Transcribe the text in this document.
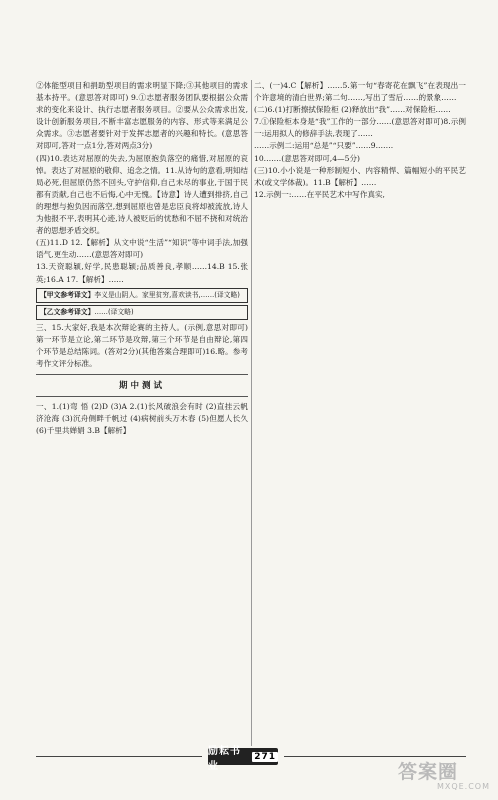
②体能型项目和捐助型项目的需求明显下降;③其他项目的需求基本持平。(意思答对即可) 9.①志愿者服务团队要根据公众需求的变化来设计、执行志愿者服务项目。②要从公众需求出发,设计创新服务项目,不断丰富志愿服务的内容、形式等来满足公众需求。③志愿者要针对于发挥志愿者的兴趣和特长。(意思答对即可,答对一点1分,答对两点3分)

(四)10.表达对屈原的失去,为屈原抱负落空的痛惜,对屈原的哀悼。表达了对屈原的敬仰、追念之情。11.从诗句的意看,明知结局必死,但屈原仍然不回头,守护信仰,自己未尽的事业,于国于民都有贡献,自己也不后悔,心中无愧。【诗意】诗人遭到排挤,自己的理想与抱负因而落空,想到屈原也曾是忠臣良将却被流放,诗人为他报不平,表明其心迹,诗人被贬后的忧愁和不屈不挠和对统治者的思想矛盾交织。

(五)11.D 12.【解析】从文中说“生活”“知识”等中词手法,加强语气,更生动……(意思答对即可)

13.天资聪颖,好学,民患聪颖;品质善良,孝顺……14.B 15.张英;16.A 17.【解析】……

【甲文参考译文】李义是山阴人。家里贫穷,喜欢读书,……(译文略)
【乙文参考译文】……(译文略)

三、15.大家好,我是本次辩论赛的主持人。(示例,意思对即可)第一环节是立论,第二环节是攻辩,第三个环节是自由辩论,第四个环节是总结陈词。(答对2分)(其他答案合理即可)16.略。参考考作文评分标准。

期中测试

一、1.(1)弯 悟 (2)D (3)A 2.(1)长风破浪会有时 (2)直挂云帆济沧海 (3)沉舟侧畔千帆过 (4)病树前头万木春 (5)但愿人长久 (6)千里共婵娟 3.B【解析】

二、(一)4.C【解析】……5.第一句“春寄花在飘飞”在表现出一个许意境的清白世界;第二句……,写出了雪后……的景象……

(二)6.(1)打断擦拭保险柜 (2)释放出“我”……对保险柜……

7.①保险柜本身是“我”工作的一部分……(意思答对即可)8.示例一:运用拟人的修辞手法,表现了……

……示例二:运用“总是”“只要”……9.……

10.……(意思答对即可,4—5分)

(三)10.小小说是一种形制短小、内容精悍、篇幅短小的平民艺术(或文学体裁)。11.B【解析】……

12.示例一:……在平民艺术中写作真实,

励耘书业
271
答案圈
MXQE.COM
